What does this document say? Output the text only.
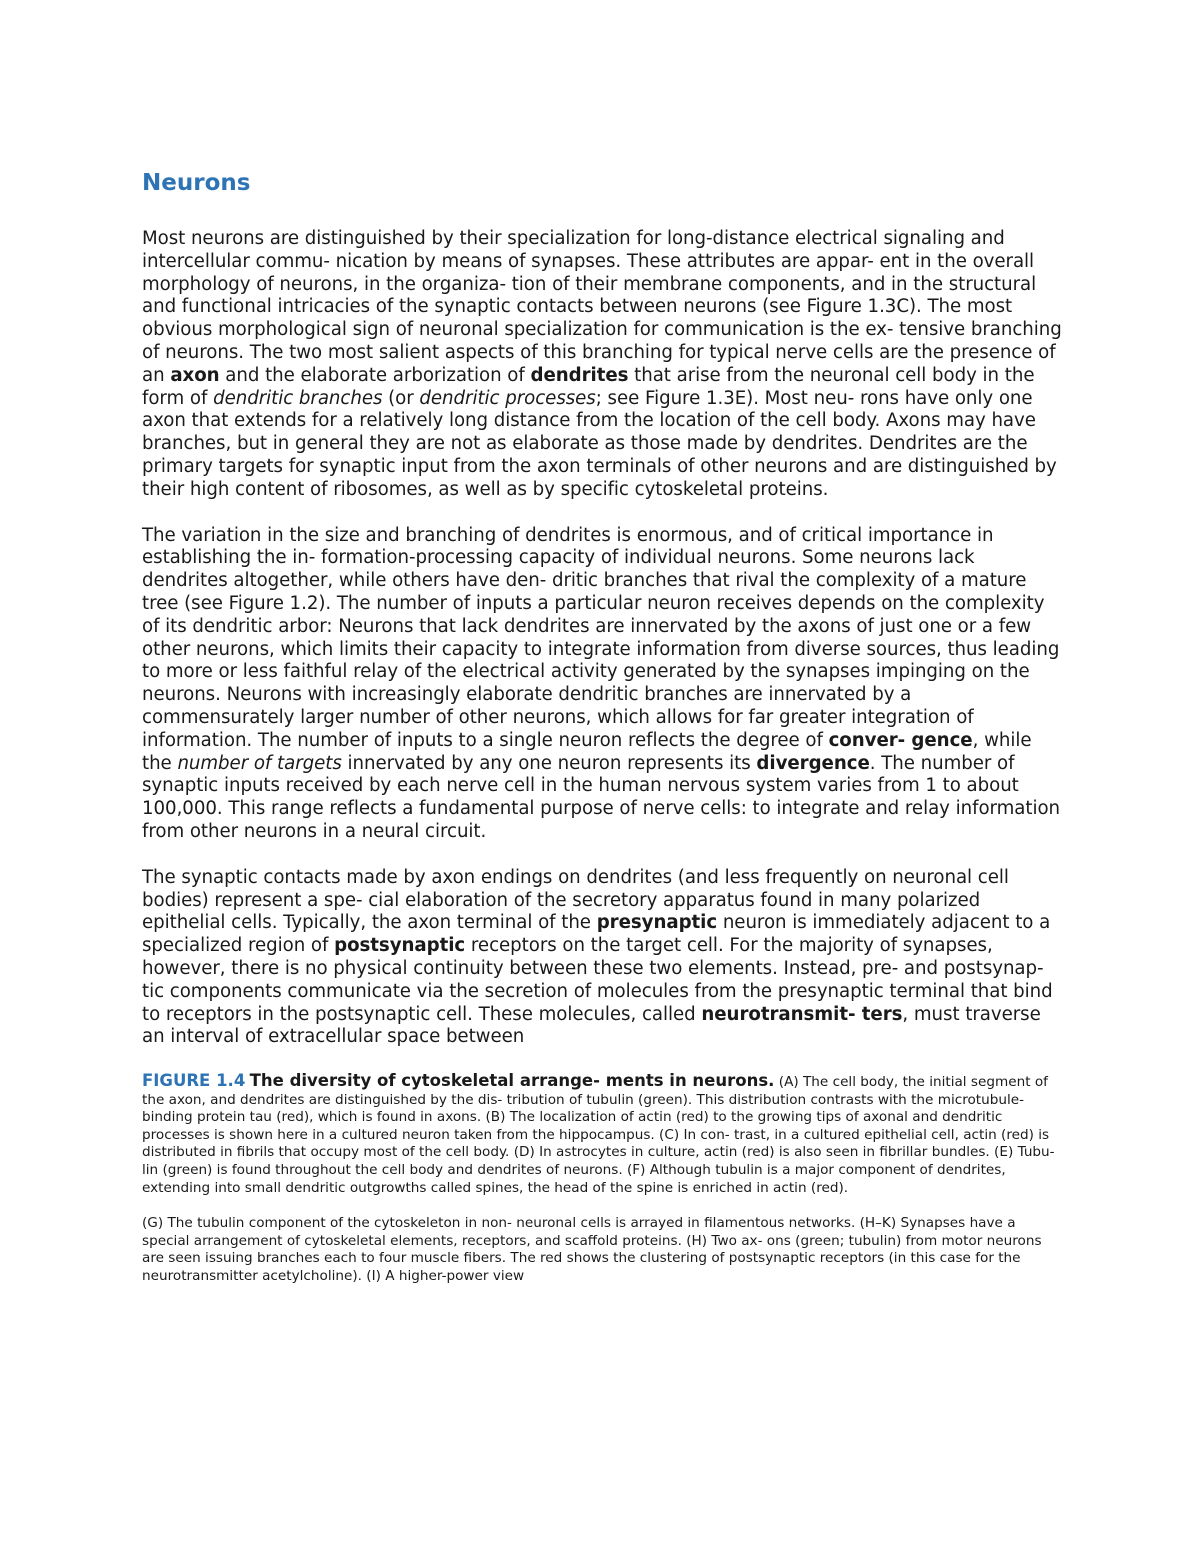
Neurons

Most neurons are distinguished by their specialization for long-distance electrical signaling and intercellular commu- nication by means of synapses. These attributes are appar- ent in the overall morphology of neurons, in the organiza- tion of their membrane components, and in the structural and functional intricacies of the synaptic contacts between neurons (see Figure 1.3C). The most obvious morphological sign of neuronal specialization for communication is the ex- tensive branching of neurons. The two most salient aspects of this branching for typical nerve cells are the presence of an axon and the elaborate arborization of dendrites that arise from the neuronal cell body in the form of dendritic branches (or dendritic processes; see Figure 1.3E). Most neu- rons have only one axon that extends for a relatively long distance from the location of the cell body. Axons may have branches, but in general they are not as elaborate as those made by dendrites. Dendrites are the primary targets for synaptic input from the axon terminals of other neurons and are distinguished by their high content of ribosomes, as well as by specific cytoskeletal proteins.

The variation in the size and branching of dendrites is enormous, and of critical importance in establishing the in- formation-processing capacity of individual neurons. Some neurons lack dendrites altogether, while others have den- dritic branches that rival the complexity of a mature tree (see Figure 1.2). The number of inputs a particular neuron receives depends on the complexity of its dendritic arbor: Neurons that lack dendrites are innervated by the axons of just one or a few other neurons, which limits their capacity to integrate information from diverse sources, thus leading to more or less faithful relay of the electrical activity generated by the synapses impinging on the neurons. Neurons with increasingly elaborate dendritic branches are innervated by a commensurately larger number of other neurons, which allows for far greater integration of information. The number of inputs to a single neuron reflects the degree of conver- gence, while the number of targets innervated by any one neuron represents its divergence. The number of synaptic inputs received by each nerve cell in the human nervous system varies from 1 to about 100,000. This range reflects a fundamental purpose of nerve cells: to integrate and relay information from other neurons in a neural circuit.

The synaptic contacts made by axon endings on dendrites (and less frequently on neuronal cell bodies) represent a spe- cial elaboration of the secretory apparatus found in many polarized epithelial cells. Typically, the axon terminal of the presynaptic neuron is immediately adjacent to a specialized region of postsynaptic receptors on the target cell. For the majority of synapses, however, there is no physical continuity between these two elements. Instead, pre- and postsynap- tic components communicate via the secretion of molecules from the presynaptic terminal that bind to receptors in the postsynaptic cell. These molecules, called neurotransmit- ters, must traverse an interval of extracellular space between

FIGURE 1.4 The diversity of cytoskeletal arrange- ments in neurons. (A) The cell body, the initial segment of the axon, and dendrites are distinguished by the dis- tribution of tubulin (green). This distribution contrasts with the microtubule-binding protein tau (red), which is found in axons. (B) The localization of actin (red) to the growing tips of axonal and dendritic processes is shown here in a cultured neuron taken from the hippocampus. (C) In con- trast, in a cultured epithelial cell, actin (red) is distributed in fibrils that occupy most of the cell body. (D) In astrocytes in culture, actin (red) is also seen in fibrillar bundles. (E) Tubu- lin (green) is found throughout the cell body and dendrites of neurons. (F) Although tubulin is a major component of dendrites, extending into small dendritic outgrowths called spines, the head of the spine is enriched in actin (red).

(G) The tubulin component of the cytoskeleton in non- neuronal cells is arrayed in filamentous networks. (H–K) Synapses have a special arrangement of cytoskeletal elements, receptors, and scaffold proteins. (H) Two ax- ons (green; tubulin) from motor neurons are seen issuing branches each to four muscle fibers. The red shows the clustering of postsynaptic receptors (in this case for the neurotransmitter acetylcholine). (I) A higher-power view
